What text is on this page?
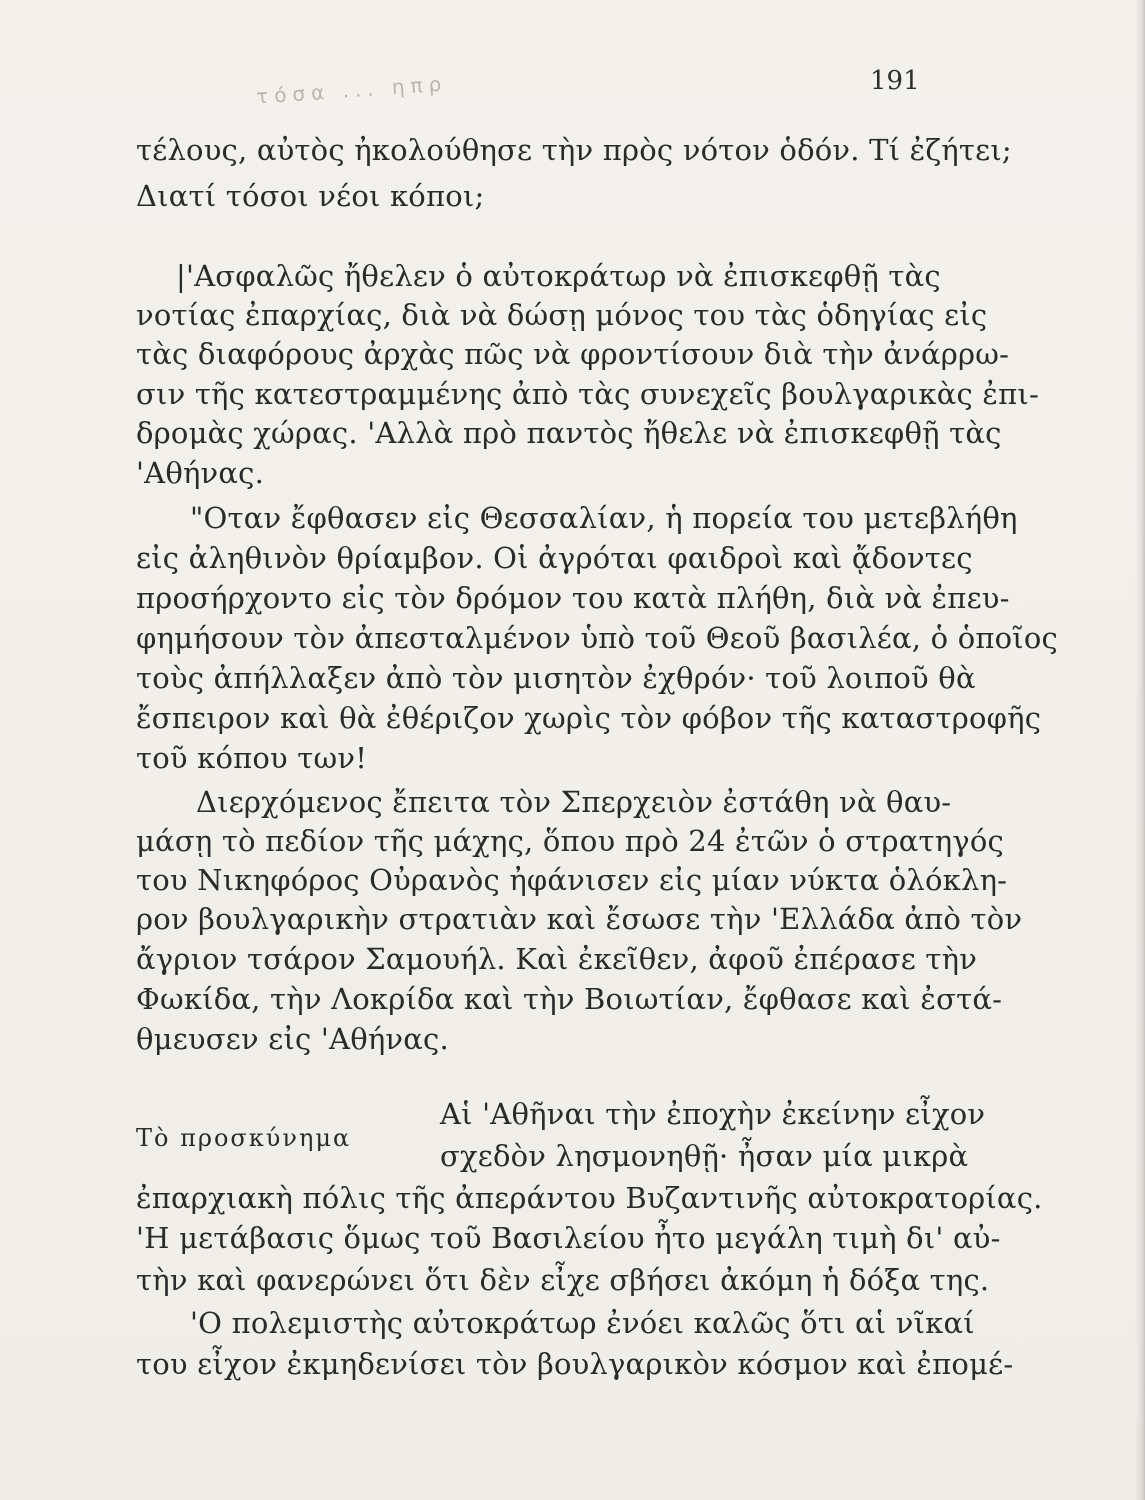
τόσα ... ηπρ	191
τέλους, αὐτὸς ἠκολούθησε τὴν πρὸς νότον ὁδόν. Τί ἐζήτει;
Διατί τόσοι νέοι κόποι;
|'Ασφαλῶς ἤθελεν ὁ αὐτοκράτωρ νὰ ἐπισκεφθῇ τὰς
νοτίας ἐπαρχίας, διὰ νὰ δώσῃ μόνος του τὰς ὁδηγίας εἰς
τὰς διαφόρους ἀρχὰς πῶς νὰ φροντίσουν διὰ τὴν ἀνάρρω-
σιν τῆς κατεστραμμένης ἀπὸ τὰς συνεχεῖς βουλγαρικὰς ἐπι-
δρομὰς χώρας. 'Αλλὰ πρὸ παντὸς ἤθελε νὰ ἐπισκεφθῇ τὰς
'Αθήνας.
"Οταν ἔφθασεν εἰς Θεσσαλίαν, ἡ πορεία του μετεβλήθη
εἰς ἀληθινὸν θρίαμβον. Οἱ ἀγρόται φαιδροὶ καὶ ᾄδοντες
προσήρχοντο εἰς τὸν δρόμον του κατὰ πλήθη, διὰ νὰ ἐπευ-
φημήσουν τὸν ἀπεσταλμένον ὑπὸ τοῦ Θεοῦ βασιλέα, ὁ ὁποῖος
τοὺς ἀπήλλαξεν ἀπὸ τὸν μισητὸν ἐχθρόν· τοῦ λοιποῦ θὰ
ἔσπειρον καὶ θὰ ἐθέριζον χωρὶς τὸν φόβον τῆς καταστροφῆς
τοῦ κόπου των!
Διερχόμενος ἔπειτα τὸν Σπερχειὸν ἐστάθη νὰ θαυ-
μάσῃ τὸ πεδίον τῆς μάχης, ὅπου πρὸ 24 ἐτῶν ὁ στρατηγός
του Νικηφόρος Οὐρανὸς ἠφάνισεν εἰς μίαν νύκτα ὁλόκλη-
ρον βουλγαρικὴν στρατιὰν καὶ ἔσωσε τὴν 'Ελλάδα ἀπὸ τὸν
ἄγριον τσάρον Σαμουήλ. Καὶ ἐκεῖθεν, ἀφοῦ ἐπέρασε τὴν
Φωκίδα, τὴν Λοκρίδα καὶ τὴν Βοιωτίαν, ἔφθασε καὶ ἐστά-
θμευσεν εἰς 'Αθήνας.
Τὸ προσκύνημα
Αἱ 'Αθῆναι τὴν ἐποχὴν ἐκείνην εἶχον
σχεδὸν λησμονηθῇ· ἦσαν μία μικρὰ
ἐπαρχιακὴ πόλις τῆς ἀπεράντου Βυζαντινῆς αὐτοκρατορίας.
'Η μετάβασις ὅμως τοῦ Βασιλείου ἦτο μεγάλη τιμὴ δι' αὐ-
τὴν καὶ φανερώνει ὅτι δὲν εἶχε σβήσει ἀκόμη ἡ δόξα της.
'Ο πολεμιστὴς αὐτοκράτωρ ἐνόει καλῶς ὅτι αἱ νῖκαί
του εἶχον ἐκμηδενίσει τὸν βουλγαρικὸν κόσμον καὶ ἐπομέ-
